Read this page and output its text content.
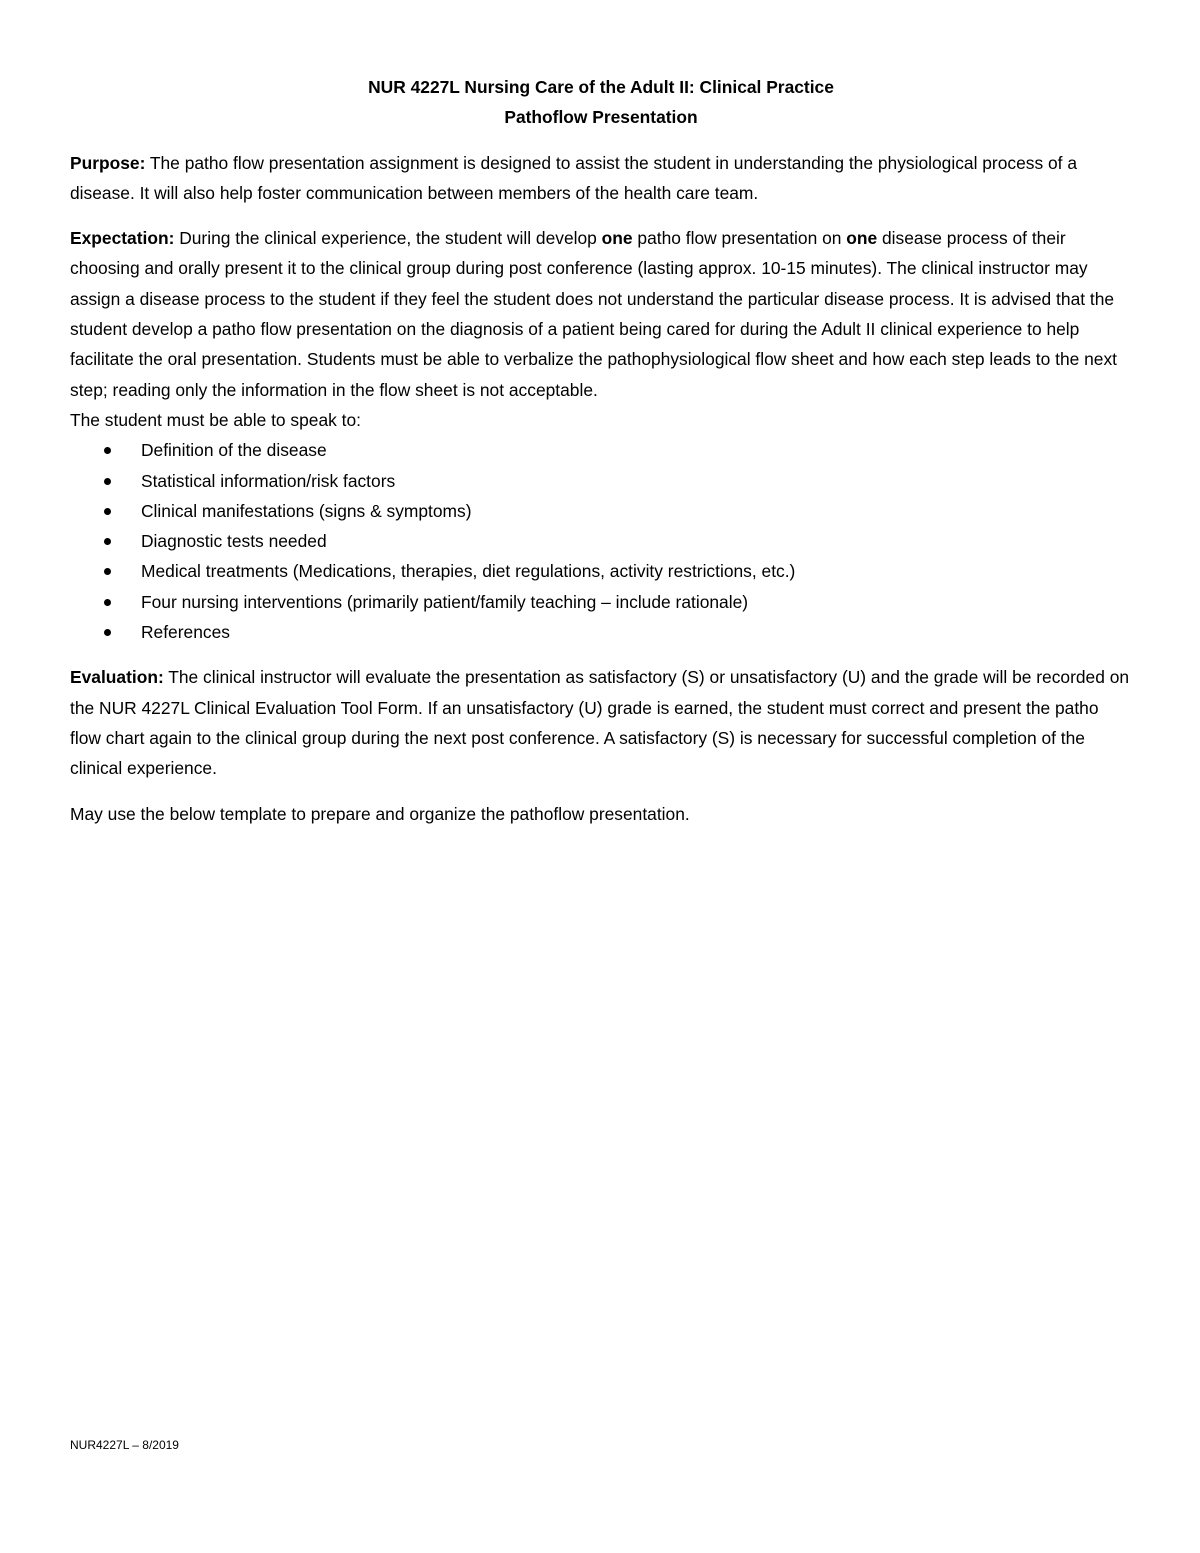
NUR 4227L Nursing Care of the Adult II: Clinical Practice
Pathoflow Presentation

Purpose: The patho flow presentation assignment is designed to assist the student in understanding the physiological process of a disease. It will also help foster communication between members of the health care team.

Expectation: During the clinical experience, the student will develop one patho flow presentation on one disease process of their choosing and orally present it to the clinical group during post conference (lasting approx. 10-15 minutes). The clinical instructor may assign a disease process to the student if they feel the student does not understand the particular disease process. It is advised that the student develop a patho flow presentation on the diagnosis of a patient being cared for during the Adult II clinical experience to help facilitate the oral presentation. Students must be able to verbalize the pathophysiological flow sheet and how each step leads to the next step; reading only the information in the flow sheet is not acceptable.

The student must be able to speak to:

Definition of the disease
Statistical information/risk factors
Clinical manifestations (signs & symptoms)
Diagnostic tests needed
Medical treatments (Medications, therapies, diet regulations, activity restrictions, etc.)
Four nursing interventions (primarily patient/family teaching – include rationale)
References

Evaluation: The clinical instructor will evaluate the presentation as satisfactory (S) or unsatisfactory (U) and the grade will be recorded on the NUR 4227L Clinical Evaluation Tool Form. If an unsatisfactory (U) grade is earned, the student must correct and present the patho flow chart again to the clinical group during the next post conference. A satisfactory (S) is necessary for successful completion of the clinical experience.

May use the below template to prepare and organize the pathoflow presentation.

NUR4227L – 8/2019
